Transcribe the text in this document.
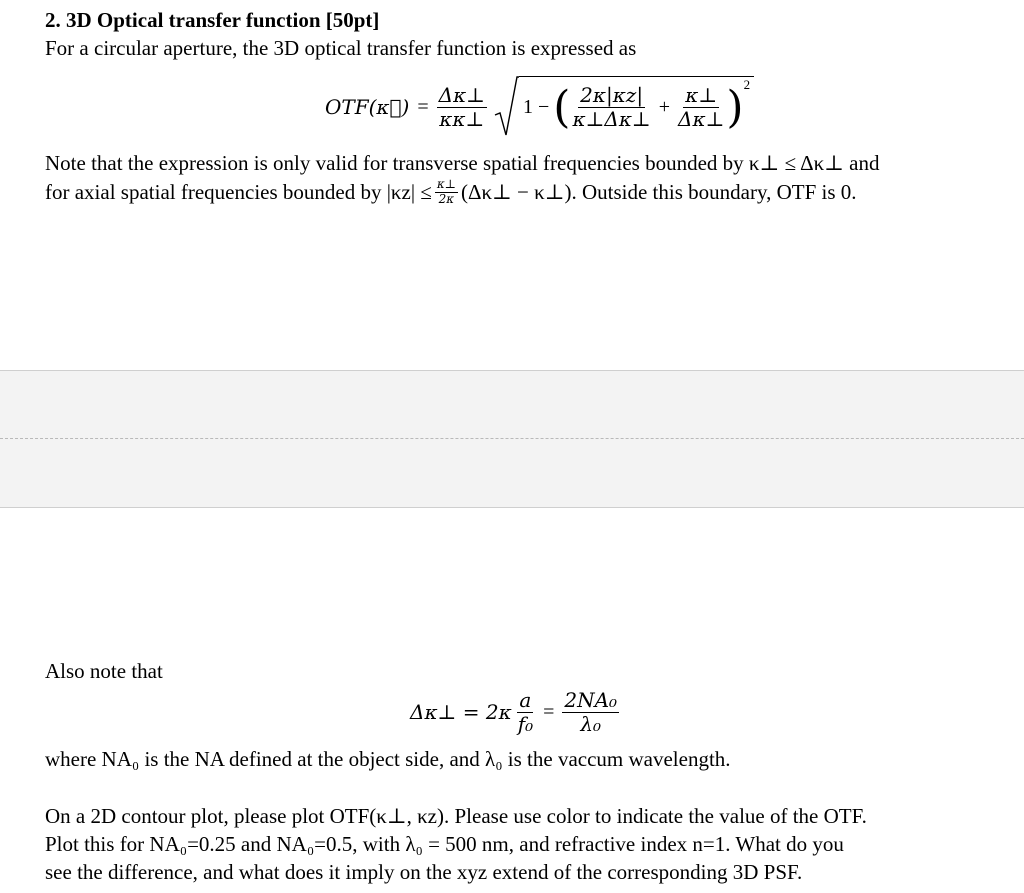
2. 3D Optical transfer function [50pt]
For a circular aperture, the 3D optical transfer function is expressed as
OTF(κ⃗) = $\frac{\Delta\kappa\perp}{\kappa\kappa\perp} 1$ − ( $\frac{2\kappa|\kappa z|}{\kappa\perp\Delta\kappa\perp} + \frac{\kappa\perp}{\Delta\kappa\perp}$ ) 2
Note that the expression is only valid for transverse spatial frequencies bounded by κ⊥ ≤ Δκ⊥ and
for axial spatial frequencies bounded by $|\kappa z| \le \frac{\kappa\perp}{2\kappa}$ (Δκ⊥ − κ⊥). Outside this boundary, OTF is 0.
Also note that
Δκ⊥ = $2\kappa \frac{a}{\text{f₀}} = \frac{\text{2NA₀}}{\text{λ₀}}$
where NA₀ is the NA defined at the object side, and λ₀ is the vaccum wavelength.
On a 2D contour plot, please plot OTF(κ⊥, κz). Please use color to indicate the value of the OTF.
Plot this for NA₀=0.25 and NA₀=0.5, with λ₀ = 500 nm, and refractive index n=1. What do you
see the difference, and what does it imply on the xyz extend of the corresponding 3D PSF.
